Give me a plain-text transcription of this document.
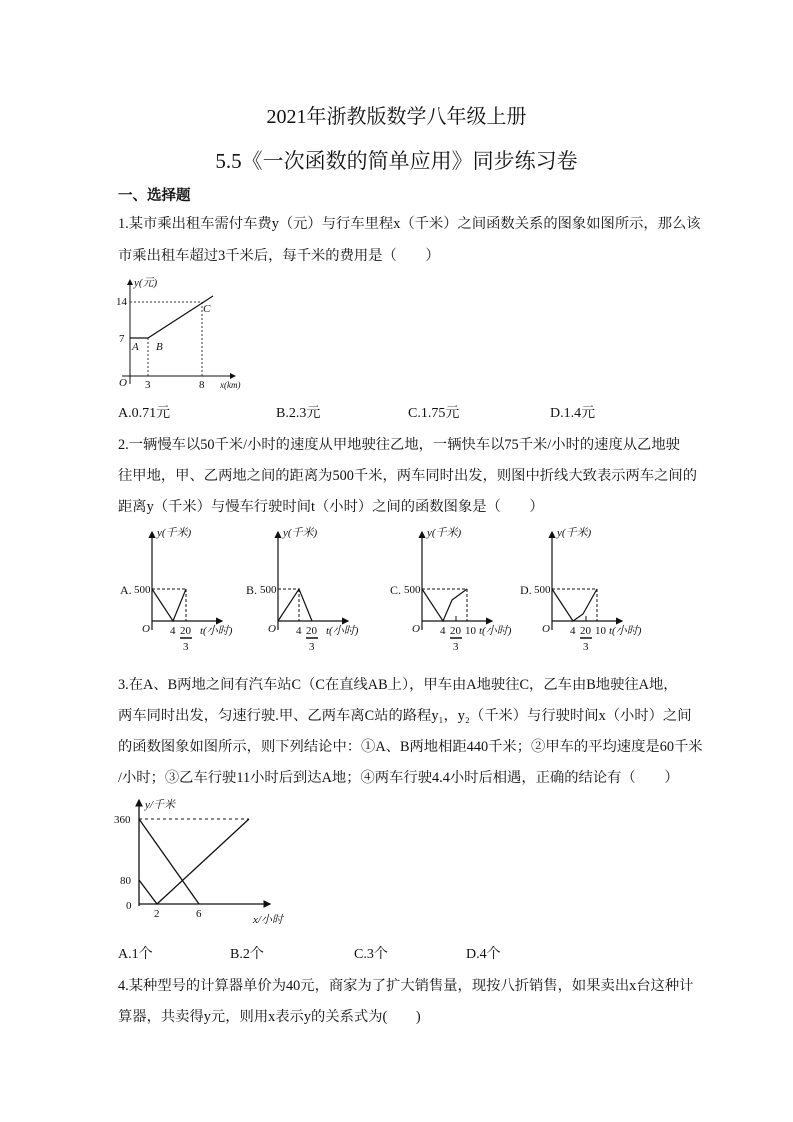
2021年浙教版数学八年级上册
5.5《一次函数的简单应用》同步练习卷
一、选择题
1.某市乘出租车需付车费y（元）与行车里程x（千米）之间函数关系的图象如图所示，那么该
市乘出租车超过3千米后，每千米的费用是（　　）
y(元)
14
7
O 3	8 x(km)
A B
C
A.0.71元	B.2.3元	C.1.75元	D.1.4元
2.一辆慢车以50千米/小时的速度从甲地驶往乙地，一辆快车以75千米/小时的速度从乙地驶
往甲地，甲、乙两地之间的距离为500千米，两车同时出发，则图中折线大致表示两车之间的
距离y（千米）与慢车行驶时间t（小时）之间的函数图象是（　　）
y(千米)
500
O 4 20
3
t(小时)
A.
y(千米)
500
O 4 20
3
t(小时)
B.
y(千米)
500
O 4 20
3
10 t(小时)
C.
y(千米)
500
O 4 20
3
10 t(小时)
D.
3.在A、B两地之间有汽车站C（C在直线AB上），甲车由A地驶往C，乙车由B地驶往A地，
两车同时出发，匀速行驶.甲、乙两车离C站的路程y₁，y₂（千米）与行驶时间x（小时）之间
的函数图象如图所示，则下列结论中：①A、B两地相距440千米；②甲车的平均速度是60千米
/小时；③乙车行驶11小时后到达A地；④两车行驶4.4小时后相遇，正确的结论有（　　）
y/千米
360
80
0
2	6	x/小时
A.1个	B.2个	C.3个	D.4个
4.某种型号的计算器单价为40元，商家为了扩大销售量，现按八折销售，如果卖出x台这种计
算器，共卖得y元，则用x表示y的关系式为(　　)
